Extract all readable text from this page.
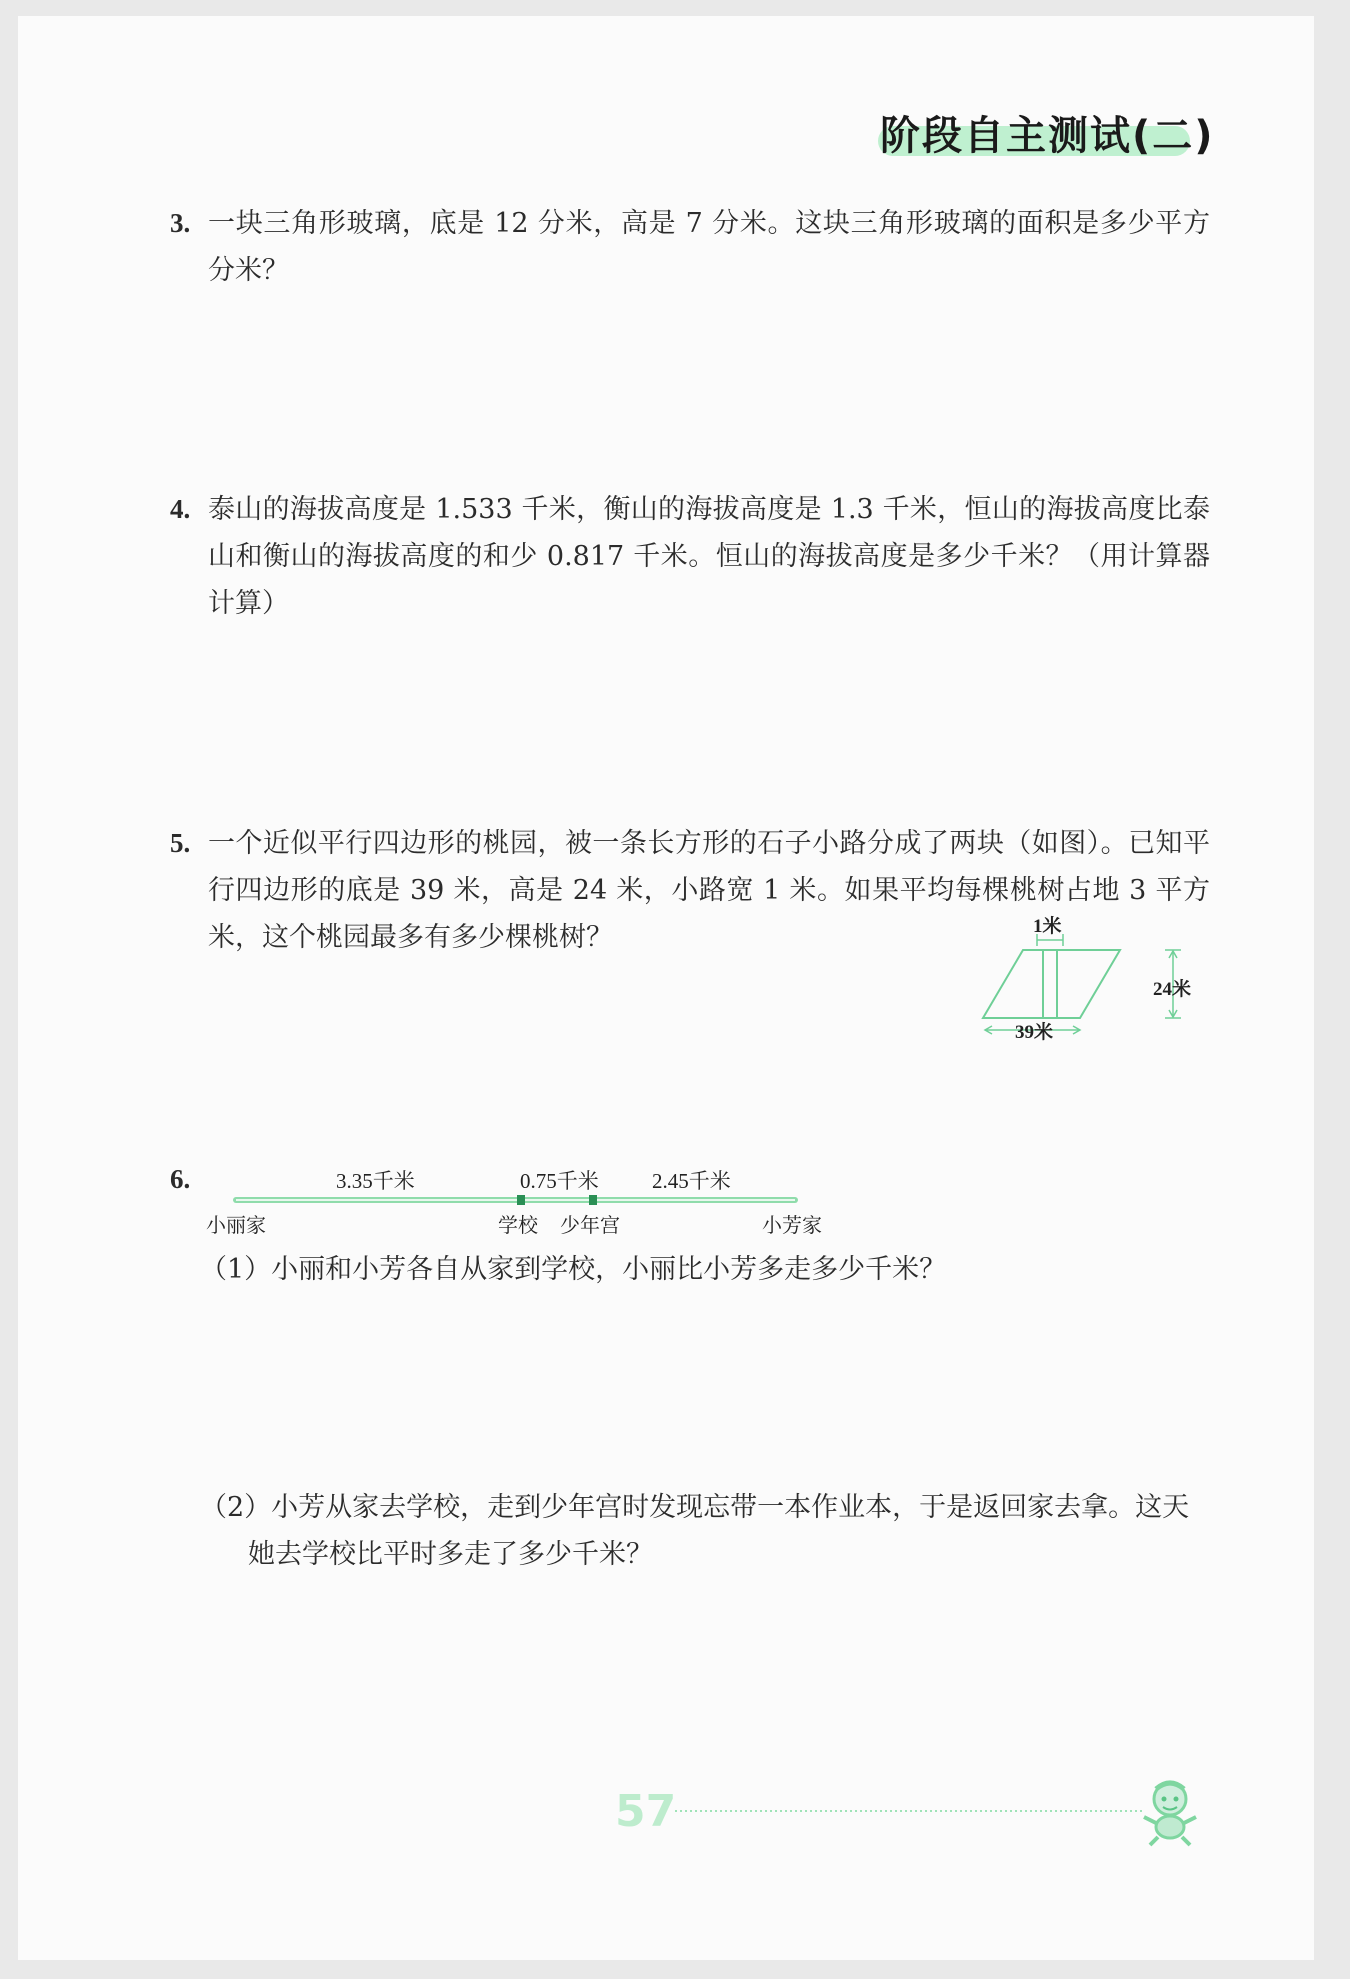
阶段自主测试(二)
3. 一块三角形玻璃，底是 12 分米，高是 7 分米。这块三角形玻璃的面积是多少平方分米？
4. 泰山的海拔高度是 1.533 千米，衡山的海拔高度是 1.3 千米，恒山的海拔高度比泰山和衡山的海拔高度的和少 0.817 千米。恒山的海拔高度是多少千米？（用计算器计算）
5. 一个近似平行四边形的桃园，被一条长方形的石子小路分成了两块（如图）。已知平行四边形的底是 39 米，高是 24 米，小路宽 1 米。如果平均每棵桃树占地 3 平方米，这个桃园最多有多少棵桃树？	1米
24米
39米
6.	3.35千米	0.75千米	2.45千米
小丽家	学校 少年宫	小芳家
（1）小丽和小芳各自从家到学校，小丽比小芳多走多少千米？
（2）小芳从家去学校，走到少年宫时发现忘带一本作业本，于是返回家去拿。这天她去学校比平时多走了多少千米？
57
